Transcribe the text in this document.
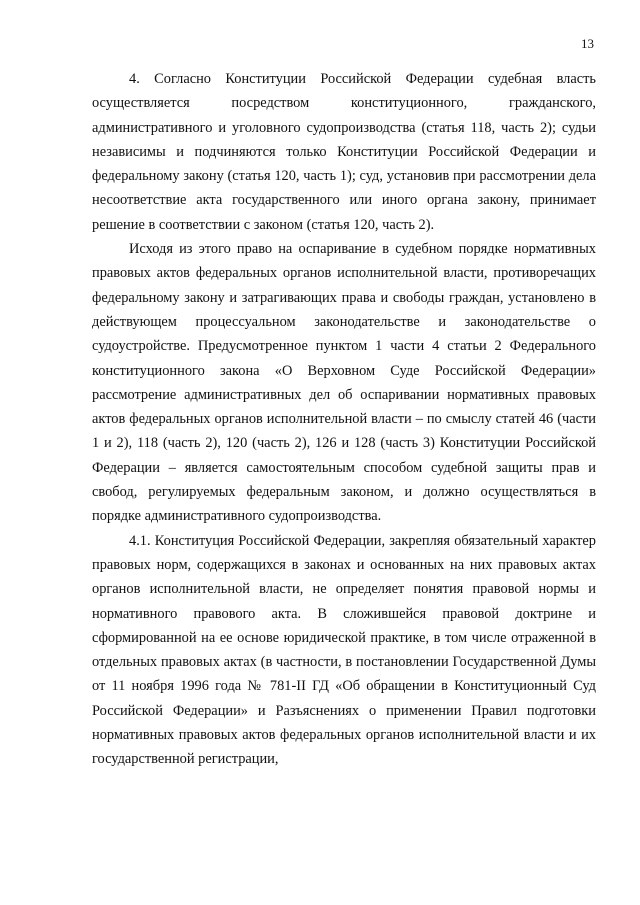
13

4. Согласно Конституции Российской Федерации судебная власть осуществляется посредством конституционного, гражданского, административного и уголовного судопроизводства (статья 118, часть 2); судьи независимы и подчиняются только Конституции Российской Федерации и федеральному закону (статья 120, часть 1); суд, установив при рассмотрении дела несоответствие акта государственного или иного органа закону, принимает решение в соответствии с законом (статья 120, часть 2).

Исходя из этого право на оспаривание в судебном порядке нормативных правовых актов федеральных органов исполнительной власти, противоречащих федеральному закону и затрагивающих права и свободы граждан, установлено в действующем процессуальном законодательстве и законодательстве о судоустройстве. Предусмотренное пунктом 1 части 4 статьи 2 Федерального конституционного закона «О Верховном Суде Российской Федерации» рассмотрение административных дел об оспаривании нормативных правовых актов федеральных органов исполнительной власти – по смыслу статей 46 (части 1 и 2), 118 (часть 2), 120 (часть 2), 126 и 128 (часть 3) Конституции Российской Федерации – является самостоятельным способом судебной защиты прав и свобод, регулируемых федеральным законом, и должно осуществляться в порядке административного судопроизводства.

4.1. Конституция Российской Федерации, закрепляя обязательный характер правовых норм, содержащихся в законах и основанных на них правовых актах органов исполнительной власти, не определяет понятия правовой нормы и нормативного правового акта. В сложившейся правовой доктрине и сформированной на ее основе юридической практике, в том числе отраженной в отдельных правовых актах (в частности, в постановлении Государственной Думы от 11 ноября 1996 года № 781-II ГД «Об обращении в Конституционный Суд Российской Федерации» и Разъяснениях о применении Правил подготовки нормативных правовых актов федеральных органов исполнительной власти и их государственной регистрации,
